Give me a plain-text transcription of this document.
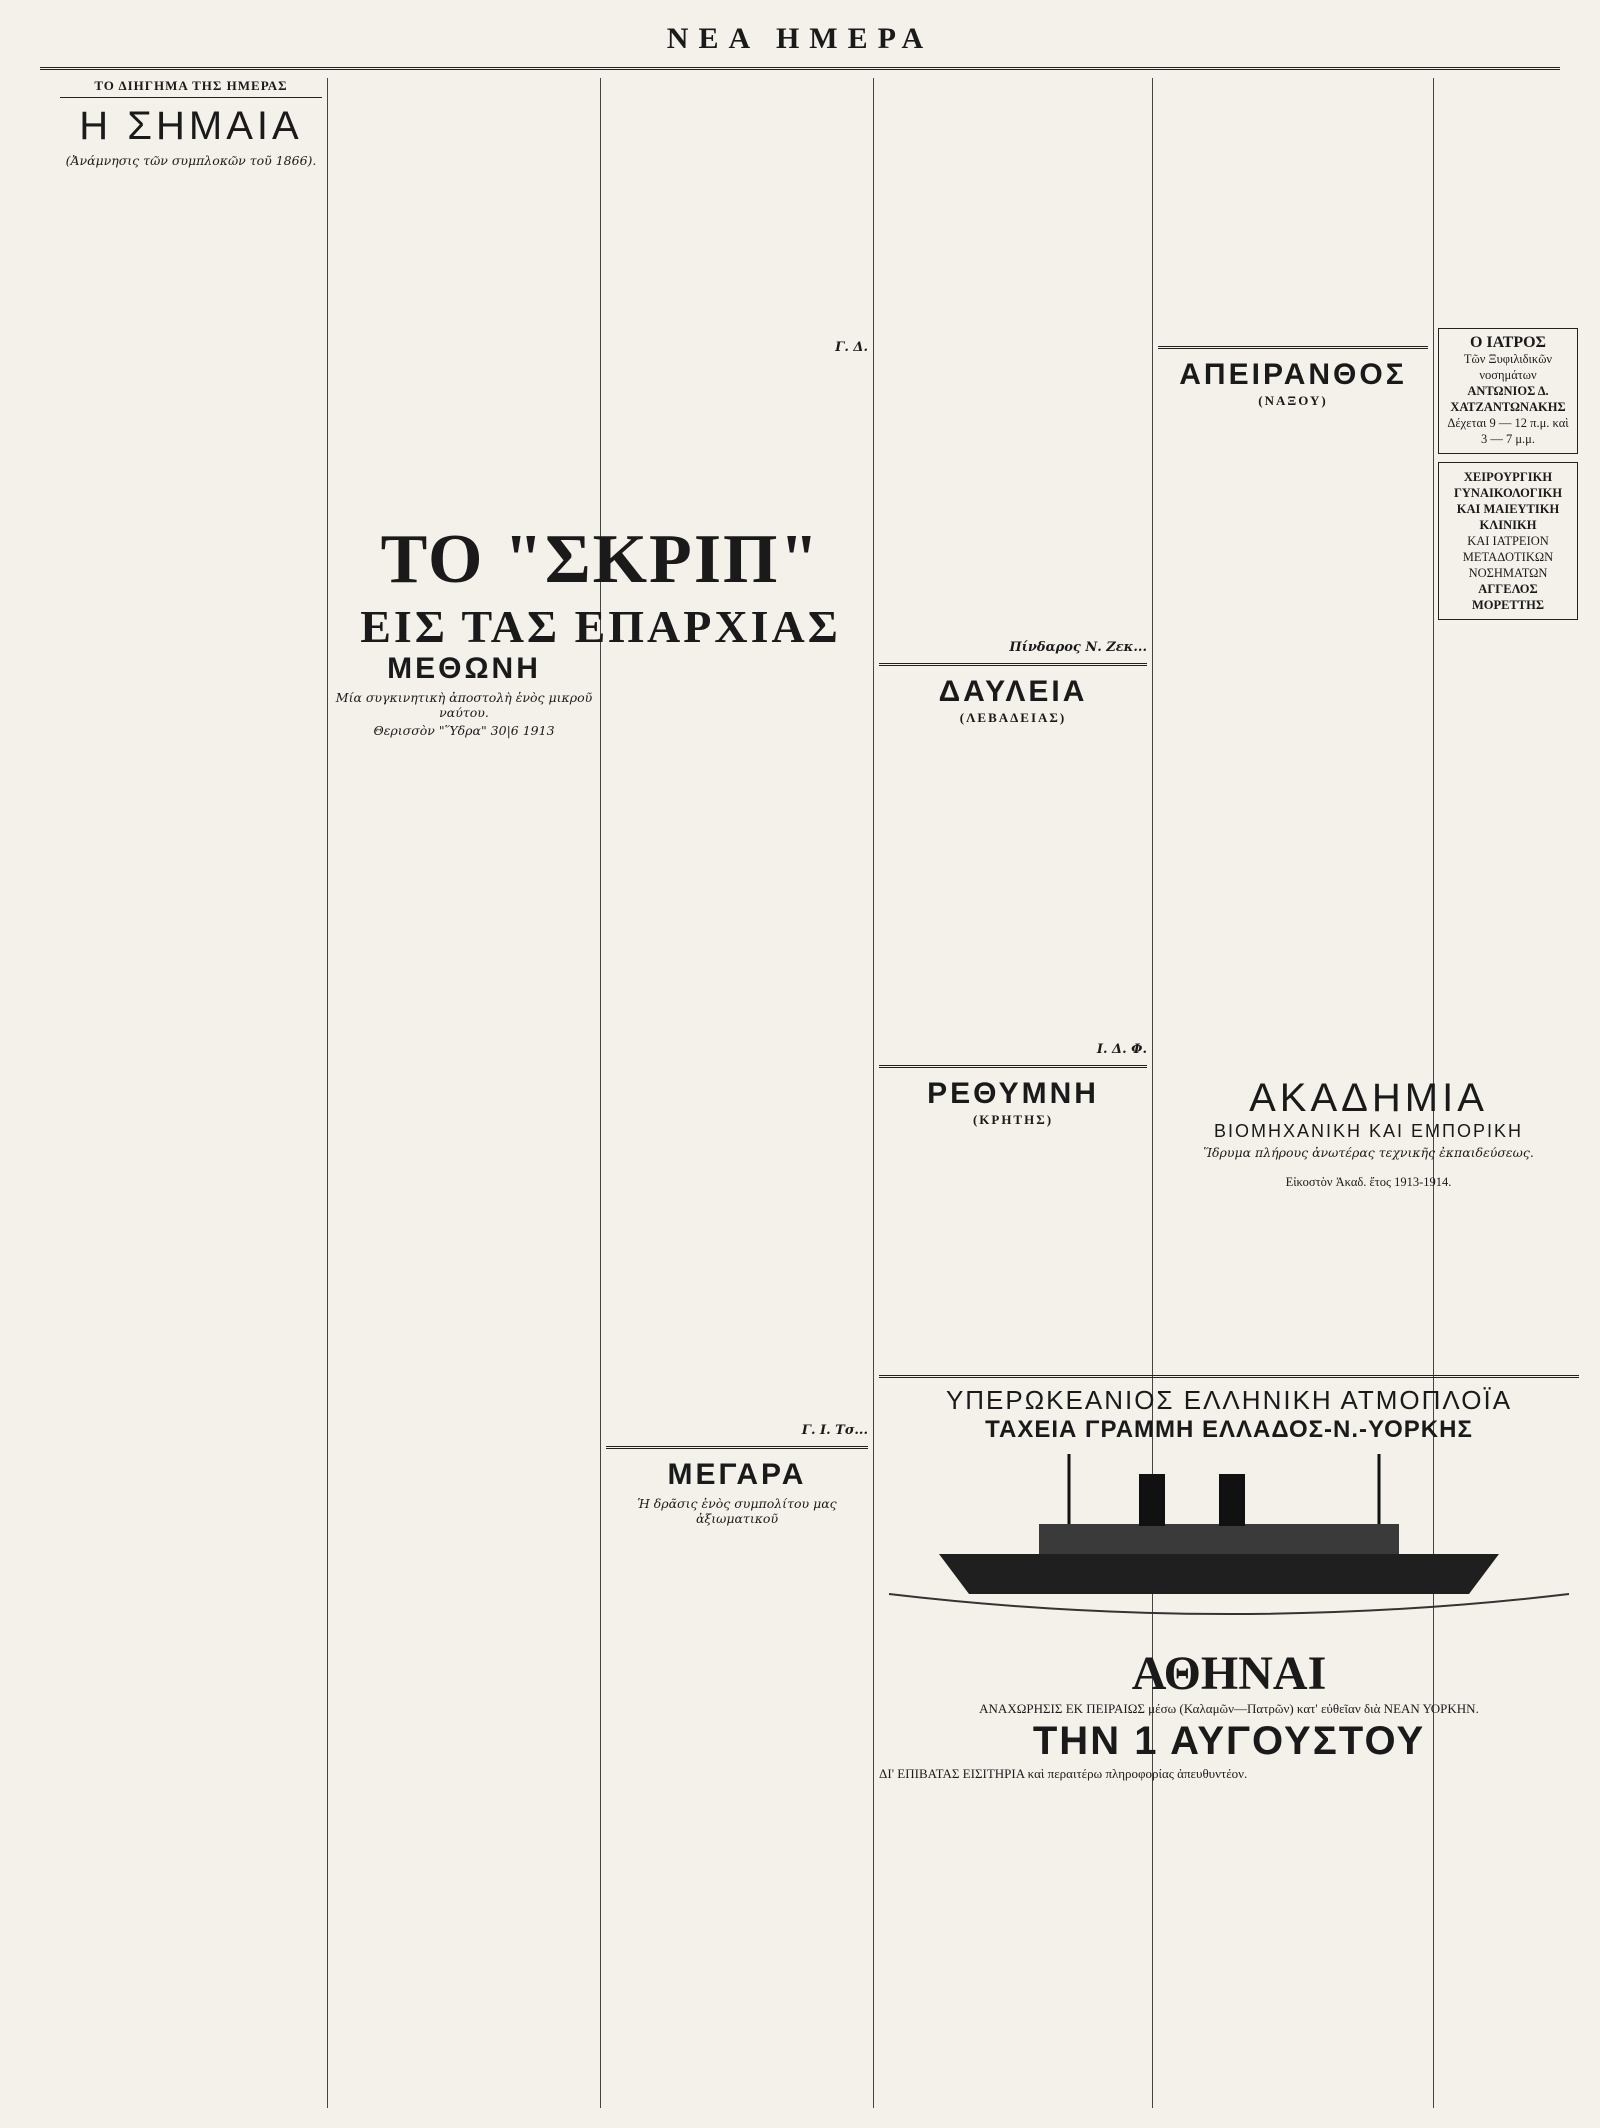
ΝΕΑ ΗΜΕΡΑ
ΤΟ ΔΙΗΓΗΜΑ ΤΗΣ ΗΜΕΡΑΣ
Η ΣΗΜΑΙΑ
(Ἀνάμνησις τῶν συμπλοκῶν τοῦ 1866).

ΜΕΘΩΝΗ
Μία συγκινητικὴ ἀποστολὴ ἑνὸς μικροῦ ναύτου.
Θερισσὸν "Ὕδρα" 30|6 1913
Γ. Δ.
Γ. Ι. Τσ...
ΜΕΓΑΡΑ
Ἡ δρᾶσις ἑνὸς συμπολίτου μας ἀξιωματικοῦ
ΤΟ "ΣΚΡΙΠ"
ΕΙΣ ΤΑΣ ΕΠΑΡΧΙΑΣ	Πίνδαρος Ν. Ζεκ...
ΔΑΥΛΕΙΑ
(ΛΕΒΑΔΕΙΑΣ)
Ι. Δ. Φ.
ΡΕΘΥΜΝΗ
(ΚΡΗΤΗΣ)
ΑΠΕΙΡΑΝΘΟΣ
(ΝΑΞΟΥ)
Ο ΙΑΤΡΟΣ
Τῶν Ξυφιλιδικῶν νοσημάτων
ΑΝΤΩΝΙΟΣ Δ. ΧΑΤΖΑΝΤΩΝΑΚΗΣ
Δέχεται 9 — 12 π.μ. καὶ 3 — 7 μ.μ.
ΧΕΙΡΟΥΡΓΙΚΗ ΓΥΝΑΙΚΟΛΟΓΙΚΗ
ΚΑΙ ΜΑΙΕΥΤΙΚΗ ΚΛΙΝΙΚΗ
ΚΑΙ ΙΑΤΡΕΙΟΝ ΜΕΤΑΔΟΤΙΚΩΝ ΝΟΣΗΜΑΤΩΝ
ΑΓΓΕΛΟΣ ΜΟΡΕΤΤΗΣ
ΑΚΑΔΗΜΙΑ
ΒΙΟΜΗΧΑΝΙΚΗ ΚΑΙ ΕΜΠΟΡΙΚΗ
Ἵδρυμα πλήρους ἀνωτέρας τεχνικῆς ἐκπαιδεύσεως.
Εἰκοστὸν Ἀκαδ. ἔτος 1913-1914.
ΥΠΕΡΩΚΕΑΝΙΟΣ ΕΛΛΗΝΙΚΗ ΑΤΜΟΠΛΟΪΑ
ΤΑΧΕΙΑ ΓΡΑΜΜΗ ΕΛΛΑΔΟΣ-Ν.-ΥΟΡΚΗΣ
ΑΘΗΝΑΙ
ΑΝΑΧΩΡΗΣΙΣ ΕΚ ΠΕΙΡΑΙΩΣ μέσω (Καλαμῶν—Πατρῶν) κατ' εὐθεῖαν διὰ ΝΕΑΝ ΥΟΡΚΗΝ.
ΤΗΝ 1 ΑΥΓΟΥΣΤΟΥ
ΔΙ' ΕΠΙΒΑΤΑΣ ΕΙΣΙΤΗΡΙΑ καὶ περαιτέρω πληροφορίας ἀπευθυντέον.
